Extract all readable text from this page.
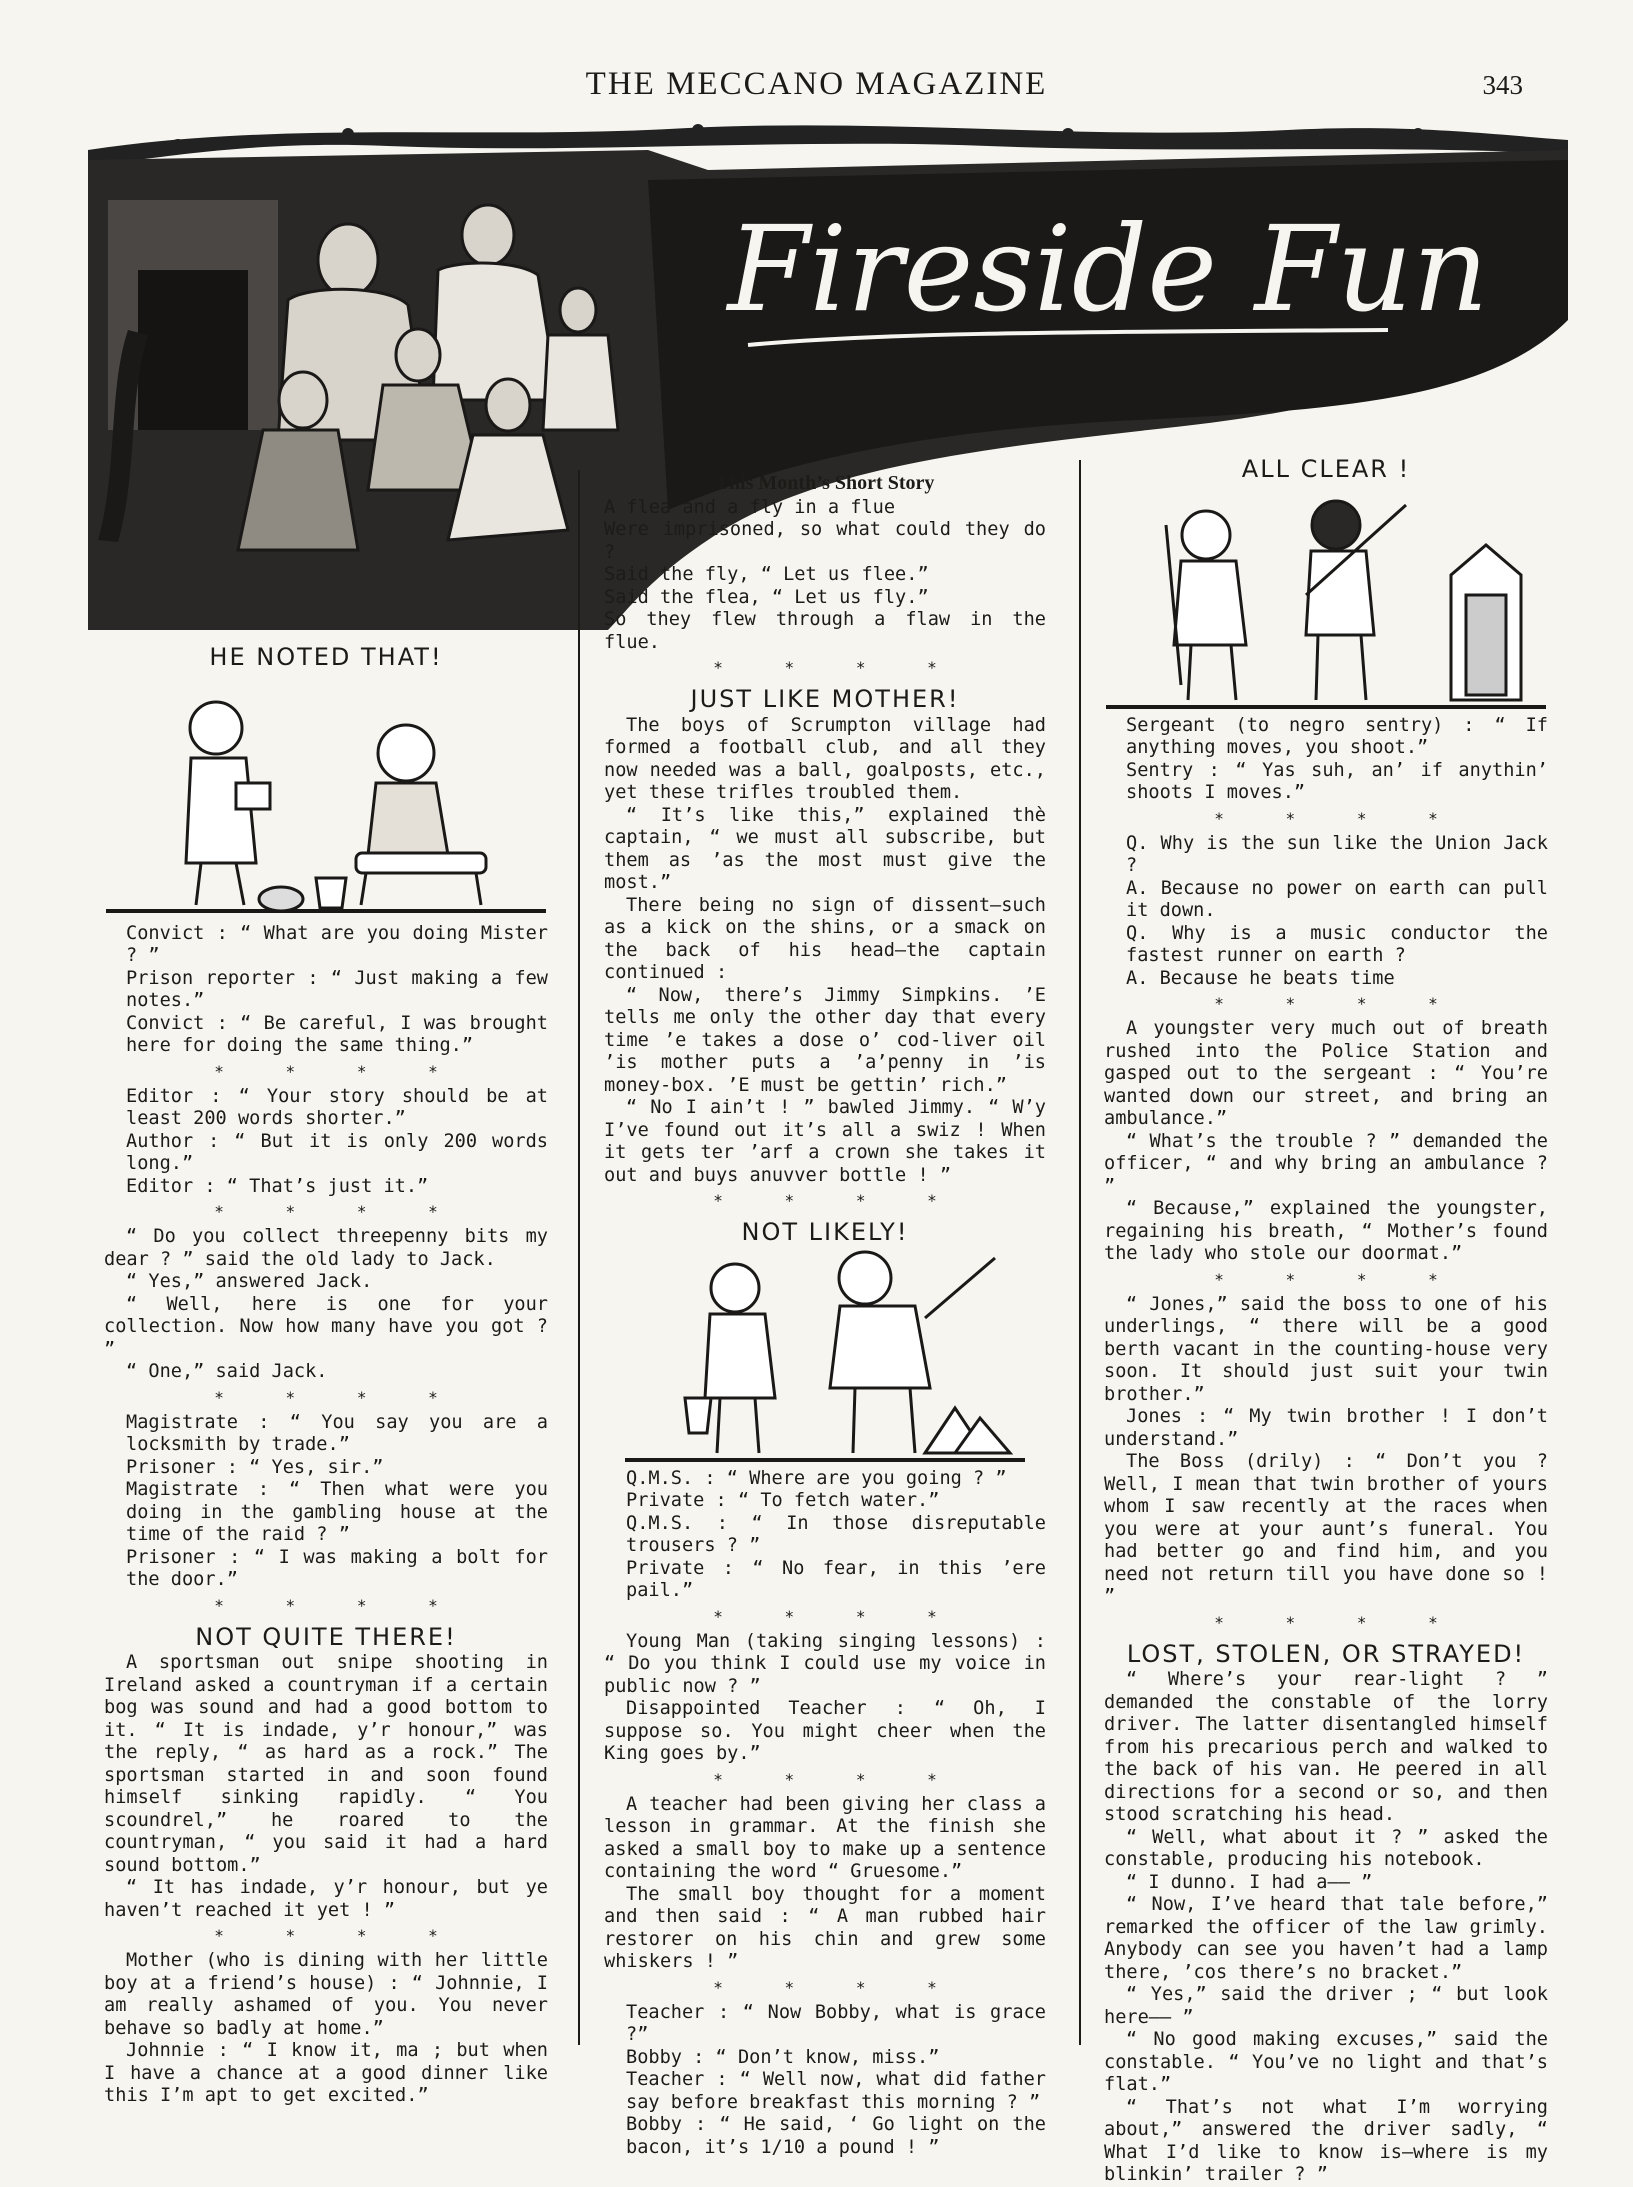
THE MECCANO MAGAZINE	343
Fireside Fun
HE NOTED THAT!

Convict : “ What are you doing Mister ? ”

Prison reporter : “ Just making a few notes.”

Convict : “ Be careful, I was brought here for doing the same thing.”

* * * *

Editor : “ Your story should be at least 200 words shorter.”

Author : “ But it is only 200 words long.”

Editor : “ That’s just it.”

* * * *

“ Do you collect threepenny bits my dear ? ” said the old lady to Jack.

“ Yes,” answered Jack.

“ Well, here is one for your collection. Now how many have you got ? ”

“ One,” said Jack.

* * * *

Magistrate : “ You say you are a locksmith by trade.”

Prisoner : “ Yes, sir.”

Magistrate : “ Then what were you doing in the gambling house at the time of the raid ? ”

Prisoner : “ I was making a bolt for the door.”

* * * *
NOT QUITE THERE!

A sportsman out snipe shooting in Ireland asked a countryman if a certain bog was sound and had a good bottom to it. “ It is indade, y’r honour,” was the reply, “ as hard as a rock.” The sportsman started in and soon found himself sinking rapidly. “ You scoundrel,” he roared to the countryman, “ you said it had a hard sound bottom.”

“ It has indade, y’r honour, but ye haven’t reached it yet ! ”

* * * *

Mother (who is dining with her little boy at a friend’s house) : “ Johnnie, I am really ashamed of you. You never behave so badly at home.”

Johnnie : “ I know it, ma ; but when I have a chance at a good dinner like this I’m apt to get excited.”

This Month’s Short Story

A flea and a fly in a flue

Were imprisoned, so what could they do ?

Said the fly, “ Let us flee.”

Said the flea, “ Let us fly.”

So they flew through a flaw in the flue.

* * * *
JUST LIKE MOTHER!

The boys of Scrumpton village had formed a football club, and all they now needed was a ball, goalposts, etc., yet these trifles troubled them.

“ It’s like this,” explained thè captain, “ we must all subscribe, but them as ’as the most must give the most.”

There being no sign of dissent—such as a kick on the shins, or a smack on the back of his head—the captain continued :

“ Now, there’s Jimmy Simpkins. ’E tells me only the other day that every time ’e takes a dose o’ cod-liver oil ’is mother puts a ’a’penny in ’is money-box. ’E must be gettin’ rich.”

“ No I ain’t ! ” bawled Jimmy. “ W’y I’ve found out it’s all a swiz ! When it gets ter ’arf a crown she takes it out and buys anuvver bottle ! ”

* * * *
NOT LIKELY!

Q.M.S. : “ Where are you going ? ”

Private : “ To fetch water.”

Q.M.S. : “ In those disreputable trousers ? ”

Private : “ No fear, in this ’ere pail.”

* * * *

Young Man (taking singing lessons) : “ Do you think I could use my voice in public now ? ”

Disappointed Teacher : “ Oh, I suppose so. You might cheer when the King goes by.”

* * * *

A teacher had been giving her class a lesson in grammar. At the finish she asked a small boy to make up a sentence containing the word “ Gruesome.”

The small boy thought for a moment and then said : “ A man rubbed hair restorer on his chin and grew some whiskers ! ”

* * * *

Teacher : “ Now Bobby, what is grace ?”

Bobby : “ Don’t know, miss.”

Teacher : “ Well now, what did father say before breakfast this morning ? ”

Bobby : “ He said, ‘ Go light on the bacon, it’s 1/10 a pound ! ”

ALL CLEAR !

Sergeant (to negro sentry) : “ If anything moves, you shoot.”

Sentry : “ Yas suh, an’ if anythin’ shoots I moves.”

* * * *

Q. Why is the sun like the Union Jack ?

A. Because no power on earth can pull it down.

Q. Why is a music conductor the fastest runner on earth ?

A. Because he beats time

* * * *

A youngster very much out of breath rushed into the Police Station and gasped out to the sergeant : “ You’re wanted down our street, and bring an ambulance.”

“ What’s the trouble ? ” demanded the officer, “ and why bring an ambulance ? ”

“ Because,” explained the youngster, regaining his breath, “ Mother’s found the lady who stole our doormat.”

* * * *

“ Jones,” said the boss to one of his underlings, “ there will be a good berth vacant in the counting-house very soon. It should just suit your twin brother.”

Jones : “ My twin brother ! I don’t understand.”

The Boss (drily) : “ Don’t you ? Well, I mean that twin brother of yours whom I saw recently at the races when you were at your aunt’s funeral. You had better go and find him, and you need not return till you have done so ! ”

* * * *
LOST, STOLEN, OR STRAYED!

“ Where’s your rear-light ? ” demanded the constable of the lorry driver. The latter disentangled himself from his precarious perch and walked to the back of his van. He peered in all directions for a second or so, and then stood scratching his head.

“ Well, what about it ? ” asked the constable, producing his notebook.

“ I dunno. I had a—— ”

“ Now, I’ve heard that tale before,” remarked the officer of the law grimly. Anybody can see you haven’t had a lamp there, ’cos there’s no bracket.”

“ Yes,” said the driver ; “ but look here—— ”

“ No good making excuses,” said the constable. “ You’ve no light and that’s flat.”

“ That’s not what I’m worrying about,” answered the driver sadly, “ What I’d like to know is—where is my blinkin’ trailer ? ”
